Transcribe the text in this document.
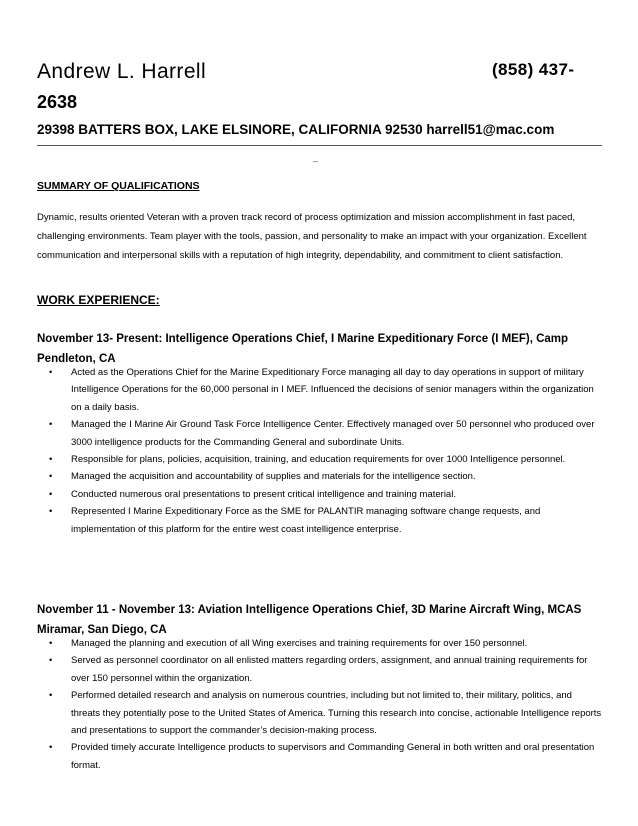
Andrew L. Harrell	(858) 437-
2638
29398 BATTERS BOX, LAKE ELSINORE, CALIFORNIA 92530 harrell51@mac.com
_
SUMMARY OF QUALIFICATIONS
Dynamic, results oriented Veteran with a proven track record of process optimization and mission accomplishment in fast paced, challenging environments. Team player with the tools, passion, and personality to make an impact with your organization. Excellent communication and interpersonal skills with a reputation of high integrity, dependability, and commitment to client satisfaction.
WORK EXPERIENCE:
November 13- Present: Intelligence Operations Chief, I Marine Expeditionary Force (I MEF), Camp Pendleton, CA
• Acted as the Operations Chief for the Marine Expeditionary Force managing all day to day operations in support of military Intelligence Operations for the 60,000 personal in I MEF. Influenced the decisions of senior managers within the organization on a daily basis.
• Managed the I Marine Air Ground Task Force Intelligence Center. Effectively managed over 50 personnel who produced over 3000 intelligence products for the Commanding General and subordinate Units.
• Responsible for plans, policies, acquisition, training, and education requirements for over 1000 Intelligence personnel.
• Managed the acquisition and accountability of supplies and materials for the intelligence section.
• Conducted numerous oral presentations to present critical intelligence and training material.
• Represented I Marine Expeditionary Force as the SME for PALANTIR managing software change requests, and implementation of this platform for the entire west coast intelligence enterprise.
November 11 - November 13: Aviation Intelligence Operations Chief, 3D Marine Aircraft Wing, MCAS Miramar, San Diego, CA
• Managed the planning and execution of all Wing exercises and training requirements for over 150 personnel.
• Served as personnel coordinator on all enlisted matters regarding orders, assignment, and annual training requirements for over 150 personnel within the organization.
• Performed detailed research and analysis on numerous countries, including but not limited to, their military, politics, and threats they potentially pose to the United States of America. Turning this research into concise, actionable Intelligence reports and presentations to support the commander’s decision-making process.
• Provided timely accurate Intelligence products to supervisors and Commanding General in both written and oral presentation format.
